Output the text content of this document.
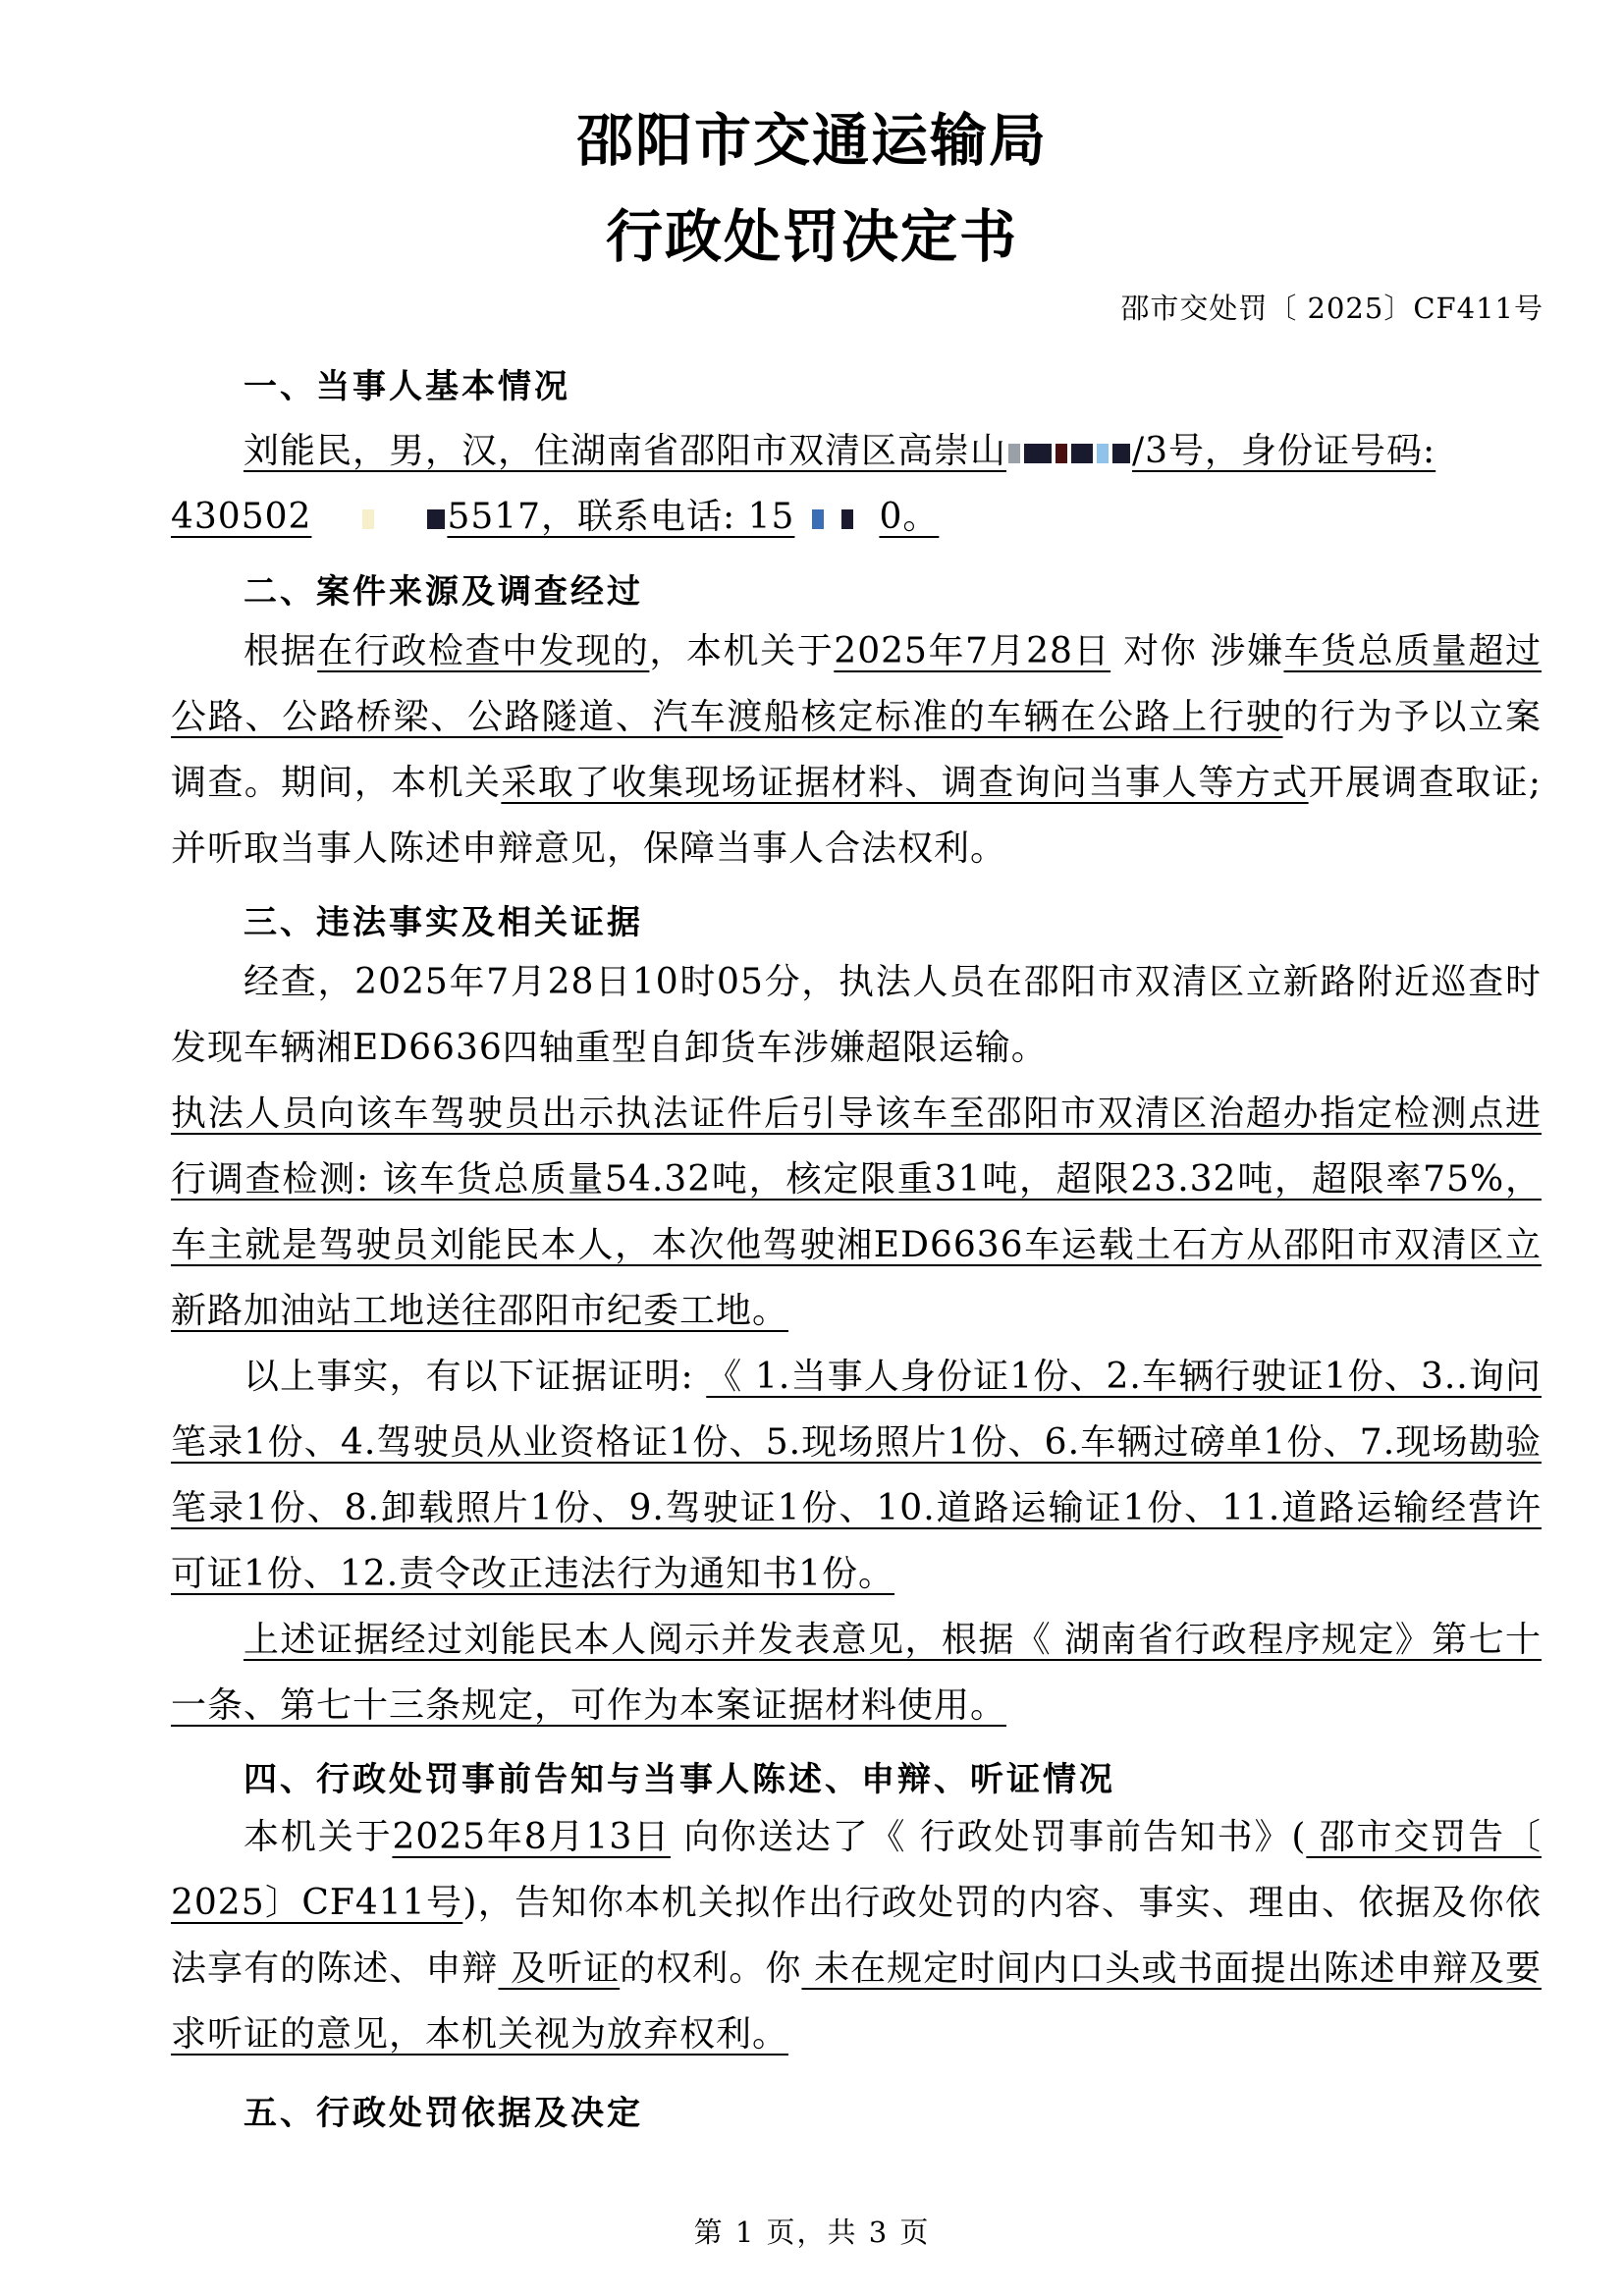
邵阳市交通运输局
行政处罚决定书
邵市交处罚〔 2025〕CF411号
一、当事人基本情况
刘能民，男，汉，住湖南省邵阳市双清区高崇山	/3号，身份证号码:
430502	5517，联系电话: 15 0。
二、案件来源及调查经过
根据在行政检查中发现的，本机关于2025年7月28日 对你 涉嫌车货总质量超过公路、公路桥梁、公路隧道、汽车渡船核定标准的车辆在公路上行驶的行为予以立案调查。期间，本机关采取了收集现场证据材料、调查询问当事人等方式开展调查取证;并听取当事人陈述申辩意见，保障当事人合法权利。
三、违法事实及相关证据
经查，2025年7月28日10时05分，执法人员在邵阳市双清区立新路附近巡查时发现车辆湘ED6636四轴重型自卸货车涉嫌超限运输。
执法人员向该车驾驶员出示执法证件后引导该车至邵阳市双清区治超办指定检测点进行调查检测: 该车货总质量54.32吨，核定限重31吨，超限23.32吨，超限率75%，车主就是驾驶员刘能民本人，本次他驾驶湘ED6636车运载土石方从邵阳市双清区立新路加油站工地送往邵阳市纪委工地。
以上事实，有以下证据证明: 《 1.当事人身份证1份、2.车辆行驶证1份、3..询问笔录1份、4.驾驶员从业资格证1份、5.现场照片1份、6.车辆过磅单1份、7.现场勘验笔录1份、8.卸载照片1份、9.驾驶证1份、10.道路运输证1份、11.道路运输经营许可证1份、12.责令改正违法行为通知书1份。
上述证据经过刘能民本人阅示并发表意见，根据《 湖南省行政程序规定》第七十一条、第七十三条规定，可作为本案证据材料使用。
四、行政处罚事前告知与当事人陈述、申辩、听证情况
本机关于2025年8月13日 向你送达了《 行政处罚事前告知书》( 邵市交罚告〔 2025〕CF411号)，告知你本机关拟作出行政处罚的内容、事实、理由、依据及你依法享有的陈述、申辩 及听证的权利。你 未在规定时间内口头或书面提出陈述申辩及要求听证的意见，本机关视为放弃权利。
五、行政处罚依据及决定
第 1 页，共 3 页
